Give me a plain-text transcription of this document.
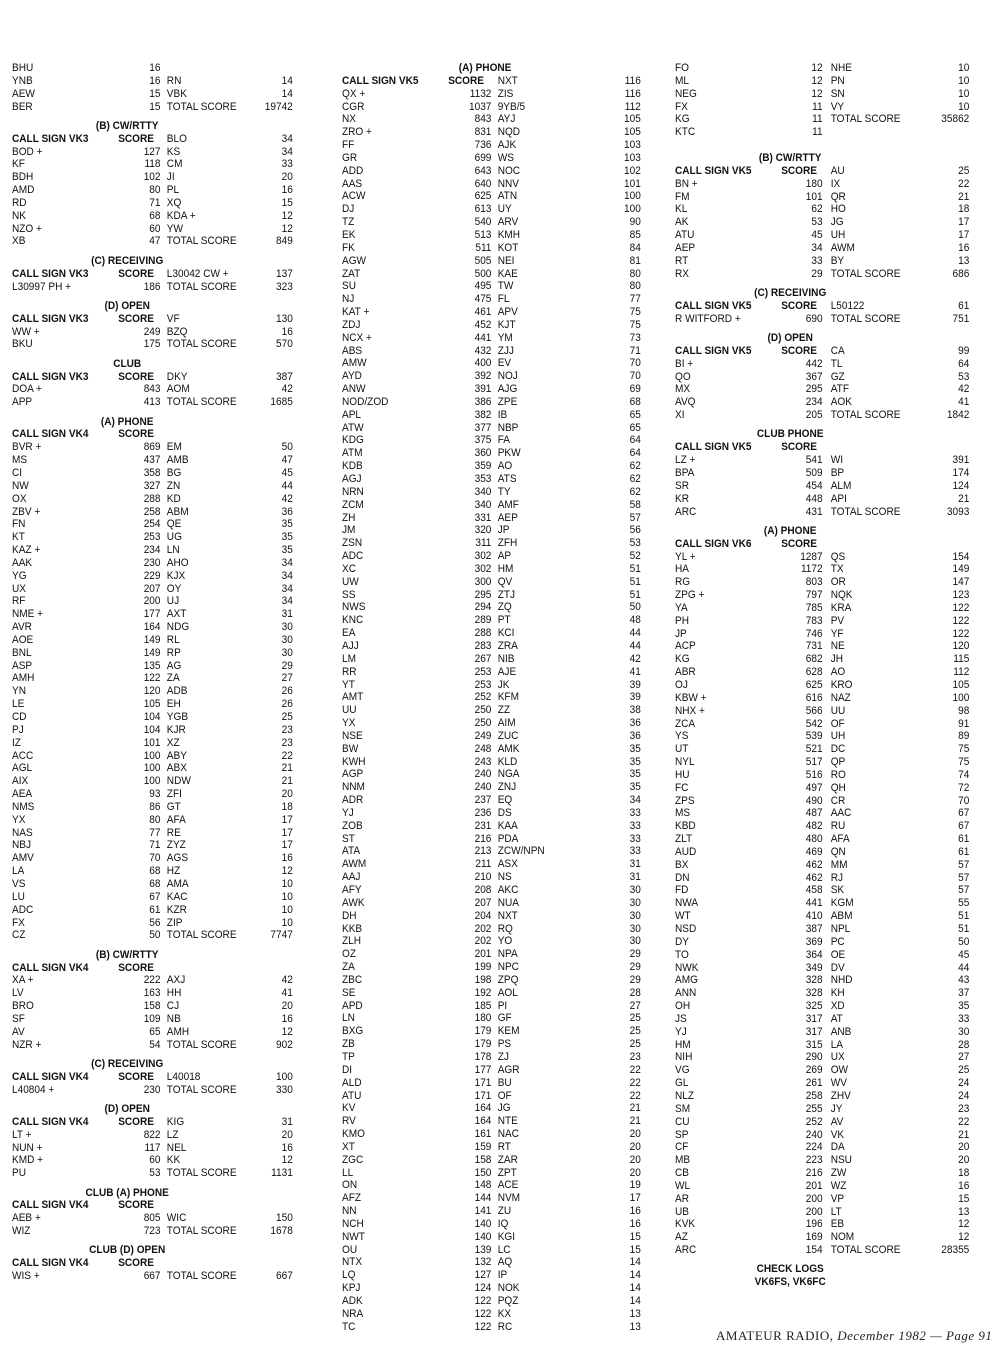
BHU	16
YNB	16 RN	14
AEW	15 VBK	14
BER	15 TOTAL SCORE	19742
(B) CW/RTTY
CALL SIGN VK3	SCORE BLO	34
BOD +	127 KS	34
KF	118 CM	33
BDH	102 JI	20
AMD	80 PL	16
RD	71 XQ	15
NK	68 KDA +	12
NZO +	60 YW	12
XB	47 TOTAL SCORE	849
(C) RECEIVING
CALL SIGN VK3	SCORE L30042 CW +	137
L30997 PH +	186 TOTAL SCORE	323
(D) OPEN
CALL SIGN VK3	SCORE VF	130
WW +	249 BZQ	16
BKU	175 TOTAL SCORE	570
CLUB
CALL SIGN VK3	SCORE DKY	387
DOA +	843 AOM	42
APP	413 TOTAL SCORE	1685
(A) PHONE
CALL SIGN VK4	SCORE
BVR +	869 EM	50
MS	437 AMB	47
CI	358 BG	45
NW	327 ZN	44
OX	288 KD	42
ZBV +	258 ABM	36
FN	254 QE	35
KT	253 UG	35
KAZ +	234 LN	35
AAK	230 AHO	34
YG	229 KJX	34
UX	207 OY	34
RF	200 UJ	34
NME +	177 AXT	31
AVR	164 NDG	30
AOE	149 RL	30
BNL	149 RP	30
ASP	135 AG	29
AMH	122 ZA	27
YN	120 ADB	26
LE	105 EH	26
CD	104 YGB	25
PJ	104 KJR	23
IZ	101 XZ	23
ACC	100 ABY	22
AGL	100 ABX	21
AIX	100 NDW	21
AEA	93 ZFI	20
NMS	86 GT	18
YX	80 AFA	17
NAS	77 RE	17
NBJ	71 ZYZ	17
AMV	70 AGS	16
LA	68 HZ	12
VS	68 AMA	10
LU	67 KAC	10
ADC	61 KZR	10
FX	56 ZIP	10
CZ	50 TOTAL SCORE	7747
(B) CW/RTTY
CALL SIGN VK4	SCORE
XA +	222 AXJ	42
LV	163 HH	41
BRO	158 CJ	20
SF	109 NB	16
AV	65 AMH	12
NZR +	54 TOTAL SCORE	902
(C) RECEIVING
CALL SIGN VK4	SCORE L40018	100
L40804 +	230 TOTAL SCORE	330
(D) OPEN
CALL SIGN VK4	SCORE KIG	31
LT +	822 LZ	20
NUN +	117 NEL	16
KMD +	60 KK	12
PU	53 TOTAL SCORE	1131
CLUB (A) PHONE
CALL SIGN VK4	SCORE
AEB +	805 WIC	150
WIZ	723 TOTAL SCORE	1678
CLUB (D) OPEN
CALL SIGN VK4	SCORE
WIS +	667 TOTAL SCORE	667
(A) PHONE
CALL SIGN VK5	SCORE NXT	116
QX +	1132 ZIS	116
CGR	1037 9YB/5	112
NX	843 AYJ	105
ZRO +	831 NQD	105
FF	736 AJK	103
GR	699 WS	103
ADD	643 NOC	102
AAS	640 NNV	101
ACW	625 ATN	100
DJ	613 UY	100
TZ	540 ARV	90
EK	513 KMH	85
FK	511 KOT	84
AGW	505 NEI	81
ZAT	500 KAE	80
SU	495 TW	80
NJ	475 FL	77
KAT +	461 APV	75
ZDJ	452 KJT	75
NCX +	441 YM	73
ABS	432 ZJJ	71
AMW	400 EV	70
AYD	392 NOJ	70
ANW	391 AJG	69
NOD/ZOD	386 ZPE	68
APL	382 IB	65
ATW	377 NBP	65
KDG	375 FA	64
ATM	360 PKW	64
KDB	359 AO	62
AGJ	353 ATS	62
NRN	340 TY	62
ZCM	340 AMF	58
ZH	331 AEP	57
JM	320 JP	56
ZSN	311 ZFH	53
ADC	302 AP	52
XC	302 HM	51
UW	300 QV	51
SS	295 ZTJ	51
NWS	294 ZQ	50
KNC	289 PT	48
EA	288 KCI	44
AJJ	283 ZRA	44
LM	267 NIB	42
RR	253 AJE	41
YT	253 JK	39
AMT	252 KFM	39
UU	250 ZZ	38
YX	250 AIM	36
NSE	249 ZUC	36
BW	248 AMK	35
KWH	243 KLD	35
AGP	240 NGA	35
NNM	240 ZNJ	35
ADR	237 EQ	34
YJ	236 DS	33
ZOB	231 KAA	33
ST	216 PDA	33
ATA	213 ZCW/NPN	33
AWM	211 ASX	31
AAJ	210 NS	31
AFY	208 AKC	30
AWK	207 NUA	30
DH	204 NXT	30
KKB	202 RQ	30
ZLH	202 YO	30
OZ	201 NPA	29
ZA	199 NPC	29
ZBC	198 ZPQ	29
SE	192 AOL	28
APD	185 PI	27
LN	180 GF	25
BXG	179 KEM	25
ZB	179 PS	25
TP	178 ZJ	23
DI	177 AGR	22
ALD	171 BU	22
ATU	171 OF	22
KV	164 JG	21
RV	164 NTE	21
KMO	161 NAC	20
XT	159 RT	20
ZGC	158 ZAR	20
LL	150 ZPT	20
ON	148 ACE	19
AFZ	144 NVM	17
NN	141 ZU	16
NCH	140 IQ	16
NWT	140 KGI	15
OU	139 LC	15
NTX	132 AQ	14
LQ	127 IP	14
KPJ	124 NOK	14
ADK	122 PQZ	14
NRA	122 KX	13
TC	122 RC	13
FO	12 NHE	10
ML	12 PN	10
NEG	12 SN	10
FX	11 VY	10
KG	11 TOTAL SCORE	35862
KTC	11
(B) CW/RTTY
CALL SIGN VK5	SCORE AU	25
BN +	180 IX	22
FM	101 QR	21
KL	62 HO	18
AK	53 JG	17
ATU	45 UH	17
AEP	34 AWM	16
RT	33 BY	13
RX	29 TOTAL SCORE	686
(C) RECEIVING
CALL SIGN VK5	SCORE L50122	61
R WITFORD +	690 TOTAL SCORE	751
(D) OPEN
CALL SIGN VK5	SCORE CA	99
BI +	442 TL	64
QO	367 GZ	53
MX	295 ATF	42
AVQ	234 AOK	41
XI	205 TOTAL SCORE	1842
CLUB PHONE
CALL SIGN VK5	SCORE
LZ +	541 WI	391
BPA	509 BP	174
SR	454 ALM	124
KR	448 API	21
ARC	431 TOTAL SCORE	3093
(A) PHONE
CALL SIGN VK6	SCORE
YL +	1287 QS	154
HA	1172 TX	149
RG	803 OR	147
ZPG +	797 NQK	123
YA	785 KRA	122
PH	783 PV	122
JP	746 YF	122
ACP	731 NE	120
KG	682 JH	115
ABR	628 AO	112
OJ	625 KRO	105
KBW +	616 NAZ	100
NHX +	566 UU	98
ZCA	542 OF	91
YS	539 UH	89
UT	521 DC	75
NYL	517 QP	75
HU	516 RO	74
FC	497 QH	72
ZPS	490 CR	70
MS	487 AAC	67
KBD	482 RU	67
ZLT	480 AFA	61
AUD	469 QN	61
BX	462 MM	57
DN	462 RJ	57
FD	458 SK	57
NWA	441 KGM	55
WT	410 ABM	51
NSD	387 NPL	51
DY	369 PC	50
TO	364 OE	45
NWK	349 DV	44
AMG	328 NHD	43
ANN	328 KH	37
OH	325 XD	35
JS	317 AT	33
YJ	317 ANB	30
HM	315 LA	28
NIH	290 UX	27
VG	269 OW	25
GL	261 WV	24
NLZ	258 ZHV	24
SM	255 JY	23
CU	252 AV	22
SP	240 VK	21
CF	224 DA	20
MB	223 NSU	20
CB	216 ZW	18
WL	201 WZ	16
AR	200 VP	15
UB	200 LT	13
KVK	196 EB	12
AZ	169 NOM	12
ARC	154 TOTAL SCORE	28355
CHECK LOGS
VK6FS, VK6FC
AMATEUR RADIO, December 1982 — Page 91
